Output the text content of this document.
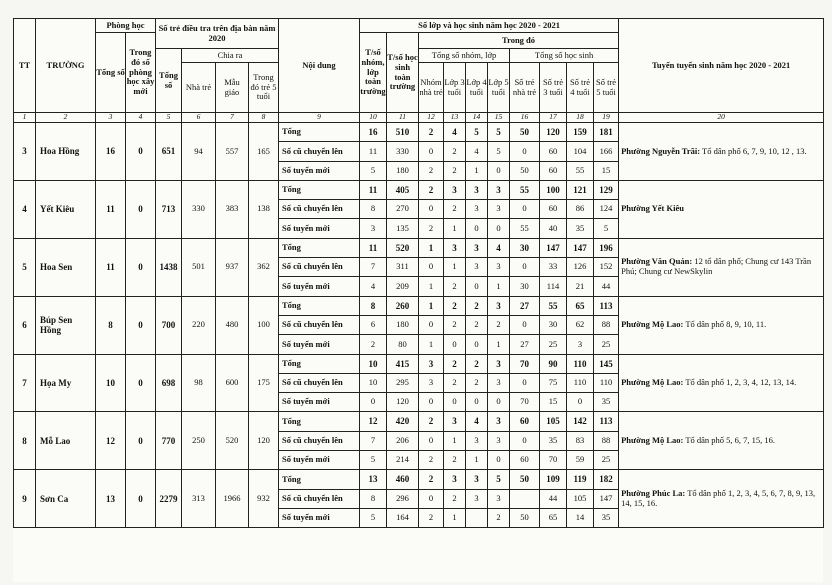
TT	TRƯỜNG	Phòng học		Số trẻ điều tra trên địa bàn năm 2020				Nội dung	Số lớp và học sinh năm học 2020 - 2021										Tuyến tuyển sinh năm học 2020 - 2021
		Tổng số	Trong đó số phòng học xây mới						T/số nhóm, lớp toàn trường	T/số học sinh toàn trường	Trong đó								
				Tổng số	Chia ra						Tổng số nhóm, lớp				Tổng số học sinh				
					Nhà trẻ	Mẫu giáo	Trong đó trẻ 5 tuổi				Nhóm nhà trẻ	Lớp 3 tuổi	Lớp 4 tuổi	Lớp 5 tuổi	Số trẻ nhà trẻ	Số trẻ 3 tuổi	Số trẻ 4 tuổi	Số trẻ 5 tuổi	
1	2	3	4	5	6	7	8	9	10	11	12	13	14	15	16	17	18	19	20
3	Hoa Hồng	16	0	651	94	557	165	Tổng	16	510	2	4	5	5	50	120	159	181	Phường Nguyễn Trãi: Tổ dân phố 6, 7, 9, 10, 12 , 13.
								Số cũ chuyển lên	11	330	0	2	4	5	0	60	104	166	
								Số tuyển mới	5	180	2	2	1	0	50	60	55	15	
4	Yết Kiêu	11	0	713	330	383	138	Tổng	11	405	2	3	3	3	55	100	121	129	Phường Yết Kiêu
								Số cũ chuyển lên	8	270	0	2	3	3	0	60	86	124	
								Số tuyển mới	3	135	2	1	0	0	55	40	35	5	
5	Hoa Sen	11	0	1438	501	937	362	Tổng	11	520	1	3	3	4	30	147	147	196	Phường Văn Quán: 12 tổ dân phố; Chung cư 143 Trần Phú; Chung cư NewSkylin
								Số cũ chuyển lên	7	311	0	1	3	3	0	33	126	152	
								Số tuyển mới	4	209	1	2	0	1	30	114	21	44	
6	Búp Sen Hồng	8	0	700	220	480	100	Tổng	8	260	1	2	2	3	27	55	65	113	Phường Mộ Lao: Tổ dân phố 8, 9, 10, 11.
								Số cũ chuyển lên	6	180	0	2	2	2	0	30	62	88	
								Số tuyển mới	2	80	1	0	0	1	27	25	3	25	
7	Họa My	10	0	698	98	600	175	Tổng	10	415	3	2	2	3	70	90	110	145	Phường Mộ Lao: Tổ dân phố 1, 2, 3, 4, 12, 13, 14.
								Số cũ chuyển lên	10	295	3	2	2	3	0	75	110	110	
								Số tuyển mới	0	120	0	0	0	0	70	15	0	35	
8	Mỗ Lao	12	0	770	250	520	120	Tổng	12	420	2	3	4	3	60	105	142	113	Phường Mộ Lao: Tổ dân phố 5, 6, 7, 15, 16.
								Số cũ chuyển lên	7	206	0	1	3	3	0	35	83	88	
								Số tuyển mới	5	214	2	2	1	0	60	70	59	25	
9	Sơn Ca	13	0	2279	313	1966	932	Tổng	13	460	2	3	3	5	50	109	119	182	Phường Phúc La: Tổ dân phố 1, 2, 3, 4, 5, 6, 7, 8, 9, 13, 14, 15, 16.
								Số cũ chuyển lên	8	296	0	2	3	3		44	105	147	
								Số tuyển mới	5	164	2	1		2	50	65	14	35	
